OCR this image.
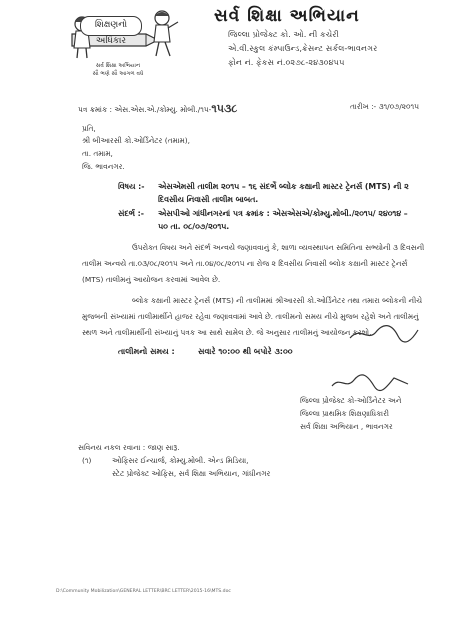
શિક્ષણનો અધિકાર
સર્વ શિક્ષા અભિયાન
સૌ ભણે સૌ આગળ વધે
સર્વ શિક્ષા અભિયાન
જિલ્લા પ્રોજેક્ટ કો. ઓ. ની કચેરી
એ.વી.સ્કુલ કંમ્પાઉન્ડ,ક્રેસન્ટ સર્કલ-ભાવનગર
ફોન નં. ફેકસ નં.૦૨૭૮-૨૪૩૦૪૫૫
પત્ર ક્રમાંક : એસ.એસ.એ./કોમ્યુ. મોબી./૧૫-૧૫૩૮	તારીખ :- ૩૧/૦૭/૨૦૧૫
પ્રતિ,
શ્રી બીઆરસી કો.ઓર્ડિનેટર (તમામ),
તા. તમામ,
જિ. ભાવનગર.
વિષય :- એસએમસી તાલીમ ૨૦૧૫ – ૧૬ સંદર્ભે બ્લોક કક્ષાની માસ્ટર ટ્રેનર્સ (MTS) ની ૨
દિવસીય નિવાસી તાલીમ બાબત.
સંદર્ભ :- એસપીઓ ગાંધીનગરનાં પત્ર ક્રમાંક : એસએસએ/કોમ્યુ.મોબી./૨૦૧૫/ ૨૪૦૧૪ –
૫૦ તા. ૦૮/૦૭/૨૦૧૫.
ઉપરોક્ત વિષય અને સંદર્ભ અન્વયે જણાવવાનું કે, શાળા વ્યવસ્થાપન સમિતિના સભ્યોની ૩ દિવસની
તાલીમ અન્વયે તા.૦૩/૦૮/૨૦૧૫ અને તા.૦૪/૦૮/૨૦૧૫ ના રોજ ૨ દિવસીય નિવાસી બ્લોક કક્ષાની માસ્ટર ટ્રેનર્સ
(MTS) તાલીમનું આયોજન કરવામાં આવેલ છે.
બ્લોક કક્ષાની માસ્ટર ટ્રેનર્સ (MTS) ની તાલીમમાં શ્રીઆરસી કો.ઓર્ડિનેટર તથા તમારા બ્લોકની નીચે
મુજબની સંખ્યામાં તાલીમાર્થીને હાજર રહેવા જણાવવામાં આવે છે. તાલીમનો સમય નીચે મુજબ રહેશે અને તાલીમનું
સ્થળ અને તાલીમાર્થીની સંખ્યાનું પત્રક આ સાથે સામેલ છે. જે અનુસાર તાલીમનું આયોજન કરશો.
તાલીમનો સમય :	સવારે ૧૦:૦૦ થી બપોરે ૩:૦૦
જિલ્લા પ્રોજેક્ટ કો-ઓર્ડિનેટર અને
જિલ્લા પ્રાથમિક શિક્ષણાધિકારી
સર્વ શિક્ષા અભિયાન , ભાવનગર
સવિનય નકલ રવાના : જાણ સારૂ.
(૧)	ઓફિસર ઈન્ચાર્જ, કોમ્યુ.મોબી. એન્ડ મિડિયા,
સ્ટેટ પ્રોજેક્ટ ઓફિસ, સર્વ શિક્ષા અભિયાન, ગાંધીનગર
D:\Community Mobilization\GENERAL LETTER\BRC LETTER\2015-16\MTS.doc
